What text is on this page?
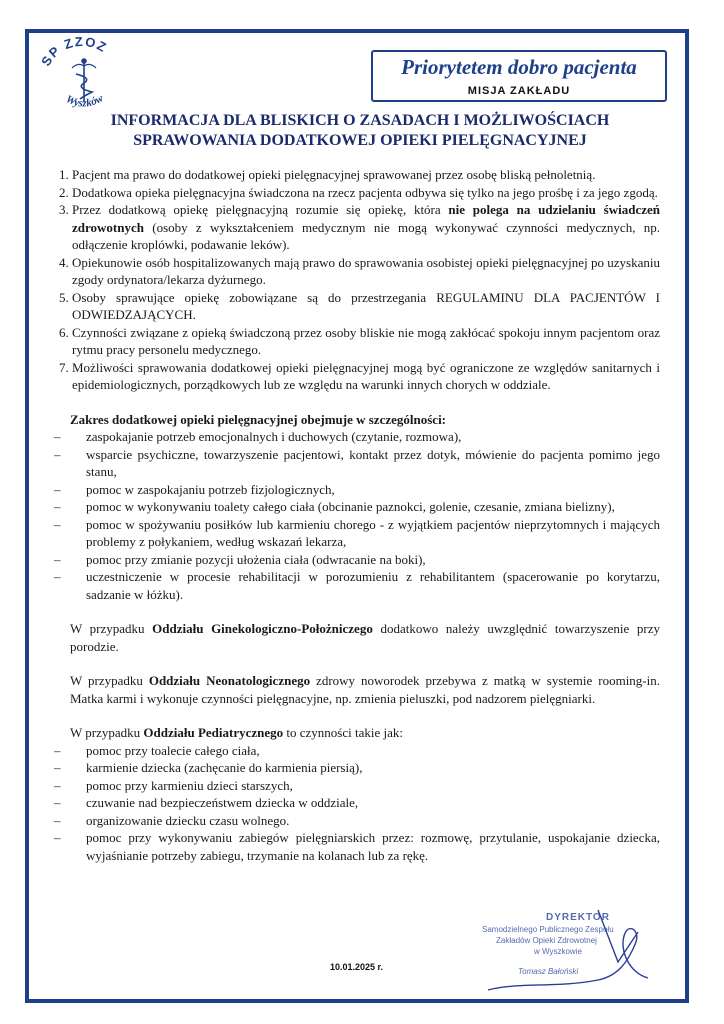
SP ZZOZ
Wyszków
Priorytetem dobro pacjenta
MISJA ZAKŁADU
INFORMACJA DLA BLISKICH O ZASADACH I MOŻLIWOŚCIACH
SPRAWOWANIA DODATKOWEJ OPIEKI PIELĘGNACYJNEJ
1. Pacjent ma prawo do dodatkowej opieki pielęgnacyjnej sprawowanej przez osobę bliską pełnoletnią.
2. Dodatkowa opieka pielęgnacyjna świadczona na rzecz pacjenta odbywa się tylko na jego prośbę i za jego zgodą.
3. Przez dodatkową opiekę pielęgnacyjną rozumie się opiekę, która nie polega na udzielaniu świadczeń zdrowotnych (osoby z wykształceniem medycznym nie mogą wykonywać czynności medycznych, np. odłączenie kroplówki, podawanie leków).
4. Opiekunowie osób hospitalizowanych mają prawo do sprawowania osobistej opieki pielęgnacyjnej po uzyskaniu zgody ordynatora/lekarza dyżurnego.
5. Osoby sprawujące opiekę zobowiązane są do przestrzegania REGULAMINU DLA PACJENTÓW I ODWIEDZAJĄCYCH.
6. Czynności związane z opieką świadczoną przez osoby bliskie nie mogą zakłócać spokoju innym pacjentom oraz rytmu pracy personelu medycznego.
7. Możliwości sprawowania dodatkowej opieki pielęgnacyjnej mogą być ograniczone ze względów sanitarnych i epidemiologicznych, porządkowych lub ze względu na warunki innych chorych w oddziale.
Zakres dodatkowej opieki pielęgnacyjnej obejmuje w szczególności:
– zaspokajanie potrzeb emocjonalnych i duchowych (czytanie, rozmowa),
– wsparcie psychiczne, towarzyszenie pacjentowi, kontakt przez dotyk, mówienie do pacjenta pomimo jego stanu,
– pomoc w zaspokajaniu potrzeb fizjologicznych,
– pomoc w wykonywaniu toalety całego ciała (obcinanie paznokci, golenie, czesanie, zmiana bielizny),
– pomoc w spożywaniu posiłków lub karmieniu chorego - z wyjątkiem pacjentów nieprzytomnych i mających problemy z połykaniem, według wskazań lekarza,
– pomoc przy zmianie pozycji ułożenia ciała (odwracanie na boki),
– uczestniczenie w procesie rehabilitacji w porozumieniu z rehabilitantem (spacerowanie po korytarzu, sadzanie w łóżku).
W przypadku Oddziału Ginekologiczno-Położniczego dodatkowo należy uwzględnić towarzyszenie przy porodzie.
W przypadku Oddziału Neonatologicznego zdrowy noworodek przebywa z matką w systemie rooming-in. Matka karmi i wykonuje czynności pielęgnacyjne, np. zmienia pieluszki, pod nadzorem pielęgniarki.
W przypadku Oddziału Pediatrycznego to czynności takie jak:
– pomoc przy toalecie całego ciała,
– karmienie dziecka (zachęcanie do karmienia piersią),
– pomoc przy karmieniu dzieci starszych,
– czuwanie nad bezpieczeństwem dziecka w oddziale,
– organizowanie dziecku czasu wolnego.
– pomoc przy wykonywaniu zabiegów pielęgniarskich przez: rozmowę, przytulanie, uspokajanie dziecka, wyjaśnianie potrzeby zabiegu, trzymanie na kolanach lub za rękę.
10.01.2025 r.
DYREKTOR
Samodzielnego Publicznego Zespołu
Zakładów Opieki Zdrowotnej
w Wyszkowie
Tomasz Bałoński
